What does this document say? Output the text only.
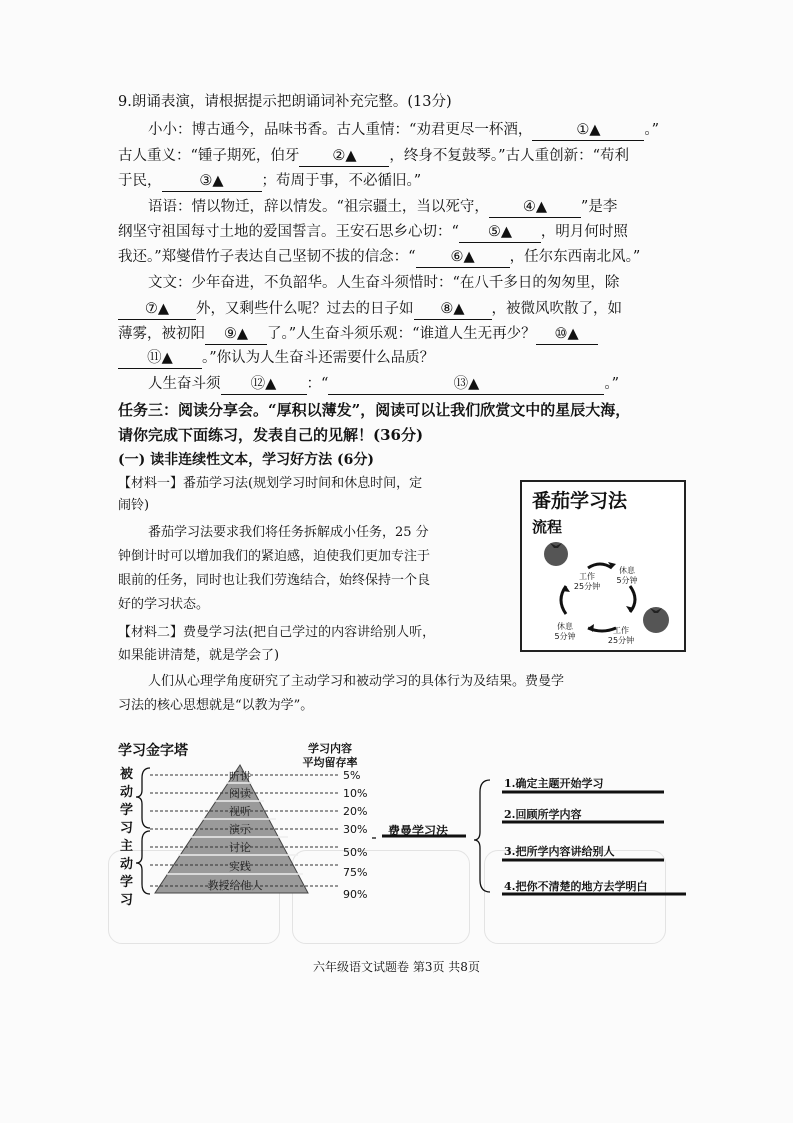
9.朗诵表演，请根据提示把朗诵词补充完整。(13分)
小小：博古通今，品味书香。古人重情：“劝君更尽一杯酒，	①▲	。”
古人重义：“锺子期死，伯牙 ②▲ ，终身不复鼓琴。”古人重创新：“苟利
于民，	③▲	；苟周于事，不必循旧。”
语语：情以物迁，辞以情发。“祖宗疆土，当以死守， ④▲ ”是李
纲坚守祖国每寸土地的爱国誓言。王安石思乡心切：“ ⑤▲ ，明月何时照
我还。”郑燮借竹子表达自己坚韧不拔的信念：“ ⑥▲ ，任尔东西南北风。”
文文：少年奋进，不负韶华。人生奋斗须惜时：“在八千多日的匆匆里，除
⑦▲ 外，又剩些什么呢？过去的日子如 ⑧▲ ，被微风吹散了，如
薄雾，被初阳 ⑨▲ 了。”人生奋斗须乐观：“谁道人生无再少？ ⑩▲
⑪▲ 。”你认为人生奋斗还需要什么品质？
人生奋斗须 ⑫▲ ：“	⑬▲	。”
任务三：阅读分享会。“厚积以薄发”，阅读可以让我们欣赏文中的星辰大海，
请你完成下面练习，发表自己的见解！(36分)
(一) 读非连续性文本，学习好方法 (6分)
【材料一】番茄学习法(规划学习时间和休息时间，定
闹铃)
番茄学习法要求我们将任务拆解成小任务，25 分
钟倒计时可以增加我们的紧迫感，迫使我们更加专注于
眼前的任务，同时也让我们劳逸结合，始终保持一个良
好的学习状态。
番茄学习法
流程
工作
25分钟
休息
5分钟
休息
5分钟
工作
25分钟
【材料二】费曼学习法(把自己学过的内容讲给别人听，
如果能讲清楚，就是学会了)
人们从心理学角度研究了主动学习和被动学习的具体行为及结果。费曼学
习法的核心思想就是“以教为学”。
学习金字塔	学习内容
平均留存率
被动学习
主动学习
听讲
阅读
视听
演示
讨论
实践
教授给他人
5%
10%
20%
30%
50%
75%
90%
费曼学习法
1.确定主题开始学习
2.回顾所学内容
3.把所学内容讲给别人
4.把你不清楚的地方去学明白
六年级语文试题卷 第3页 共8页
